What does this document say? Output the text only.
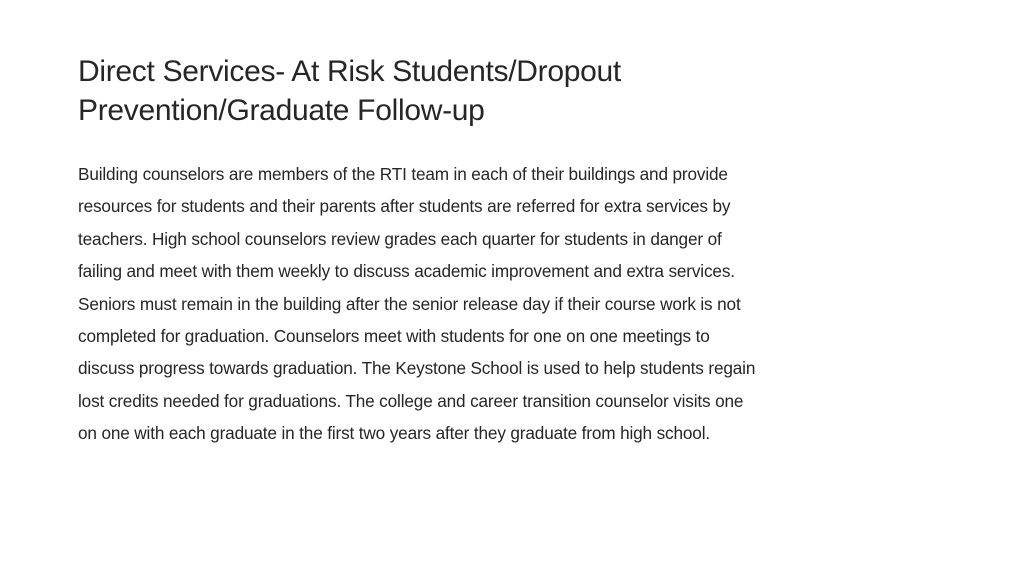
Direct Services- At Risk Students/Dropout
Prevention/Graduate Follow-up
Building counselors are members of the RTI team in each of their buildings and provide
resources for students and their parents after students are referred for extra services by
teachers. High school counselors review grades each quarter for students in danger of
failing and meet with them weekly to discuss academic improvement and extra services.
Seniors must remain in the building after the senior release day if their course work is not
completed for graduation. Counselors meet with students for one on one meetings to
discuss progress towards graduation. The Keystone School is used to help students regain
lost credits needed for graduations. The college and career transition counselor visits one
on one with each graduate in the first two years after they graduate from high school.
